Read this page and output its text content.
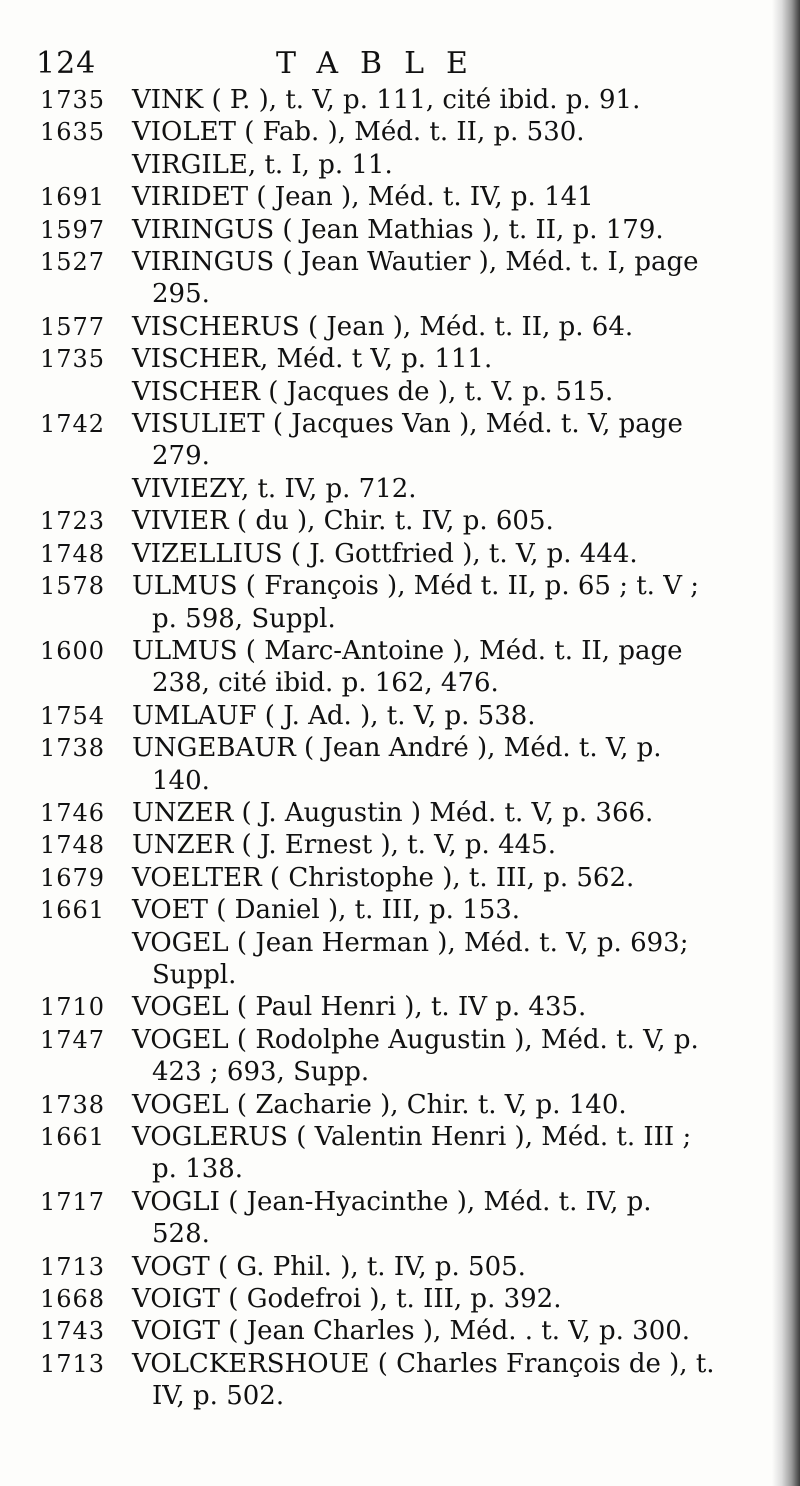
124	TABLE
1735	VINK ( P. ), t. V, p. 111, cité ibid. p. 91.
1635	VIOLET ( Fab. ), Méd. t. II, p. 530.
VIRGILE, t. I, p. 11.
1691	VIRIDET ( Jean ), Méd. t. IV, p. 141
1597	VIRINGUS ( Jean Mathias ), t. II, p. 179.
1527	VIRINGUS ( Jean Wautier ), Méd. t. I, page
295.
1577	VISCHERUS ( Jean ), Méd. t. II, p. 64.
1735	VISCHER, Méd. t V, p. 111.
VISCHER ( Jacques de ), t. V. p. 515.
1742	VISULIET ( Jacques Van ), Méd. t. V, page
279.
VIVIEZY, t. IV, p. 712.
1723	VIVIER ( du ), Chir. t. IV, p. 605.
1748	VIZELLIUS ( J. Gottfried ), t. V, p. 444.
1578	ULMUS ( François ), Méd t. II, p. 65 ; t. V ;
p. 598, Suppl.
1600	ULMUS ( Marc-Antoine ), Méd. t. II, page
238, cité ibid. p. 162, 476.
1754	UMLAUF ( J. Ad. ), t. V, p. 538.
1738	UNGEBAUR ( Jean André ), Méd. t. V, p.
140.
1746	UNZER ( J. Augustin ) Méd. t. V, p. 366.
1748	UNZER ( J. Ernest ), t. V, p. 445.
1679	VOELTER ( Christophe ), t. III, p. 562.
1661	VOET ( Daniel ), t. III, p. 153.
VOGEL ( Jean Herman ), Méd. t. V, p. 693;
Suppl.
1710	VOGEL ( Paul Henri ), t. IV p. 435.
1747	VOGEL ( Rodolphe Augustin ), Méd. t. V, p.
423 ; 693, Supp.
1738	VOGEL ( Zacharie ), Chir. t. V, p. 140.
1661	VOGLERUS ( Valentin Henri ), Méd. t. III ;
p. 138.
1717	VOGLI ( Jean-Hyacinthe ), Méd. t. IV, p.
528.
1713	VOGT ( G. Phil. ), t. IV, p. 505.
1668	VOIGT ( Godefroi ), t. III, p. 392.
1743	VOIGT ( Jean Charles ), Méd. . t. V, p. 300.
1713	VOLCKERSHOUE ( Charles François de ), t.
IV, p. 502.
